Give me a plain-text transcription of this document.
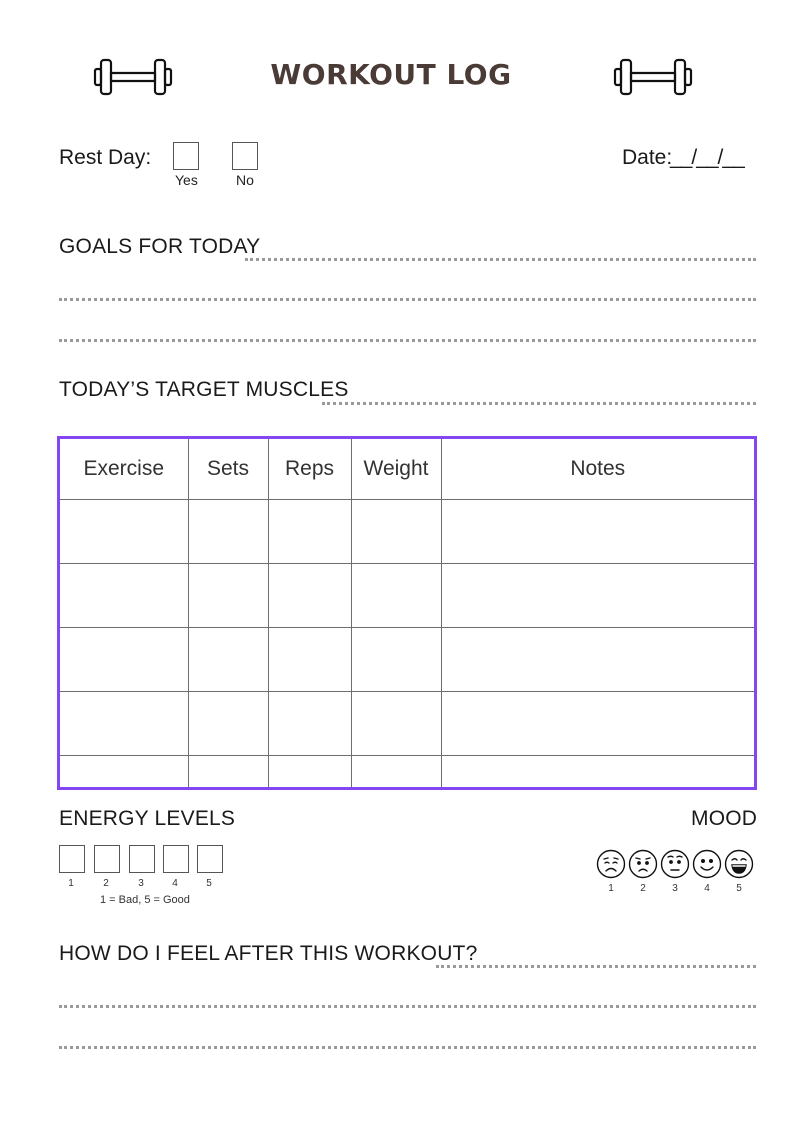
WORKOUT LOG
Rest Day:
Yes	No
Date:
__/__/__
GOALS FOR TODAY
TODAY’S TARGET MUSCLES
Exercise	Sets	Reps	Weight	Notes

ENERGY LEVELS
1	2	3	4	5
1 = Bad, 5 = Good
MOOD
1	2	3	4	5
HOW DO I FEEL AFTER THIS WORKOUT?
